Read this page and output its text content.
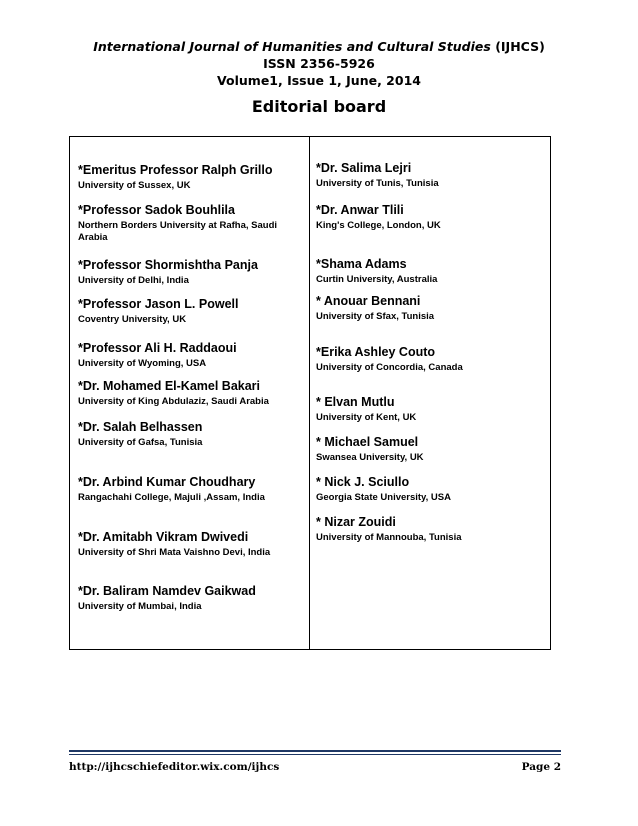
International Journal of Humanities and Cultural Studies (IJHCS)
ISSN 2356-5926
Volume1, Issue 1, June, 2014
Editorial board
*Emeritus Professor Ralph Grillo
University of Sussex, UK
*Professor Sadok Bouhlila
Northern Borders University at Rafha, Saudi Arabia
*Professor Shormishtha Panja
University of Delhi, India
*Professor Jason L. Powell
Coventry University, UK
*Professor Ali H. Raddaoui
University of Wyoming, USA
*Dr. Mohamed El-Kamel Bakari
University of King Abdulaziz, Saudi Arabia
*Dr. Salah Belhassen
University of Gafsa, Tunisia
*Dr. Arbind Kumar Choudhary
Rangachahi College, Majuli ,Assam, India
*Dr. Amitabh Vikram Dwivedi
University of Shri Mata Vaishno Devi, India
*Dr. Baliram Namdev Gaikwad
University of Mumbai, India
*Dr. Salima Lejri
University of Tunis, Tunisia
*Dr. Anwar Tlili
King's College, London, UK
*Shama Adams
Curtin University, Australia
* Anouar Bennani
University of Sfax, Tunisia
*Erika Ashley Couto
University of Concordia, Canada
* Elvan Mutlu
University of Kent, UK
* Michael Samuel
Swansea University, UK
* Nick J. Sciullo
Georgia State University, USA
* Nizar Zouidi
University of Mannouba, Tunisia
http://ijhcschiefeditor.wix.com/ijhcs	Page 2
